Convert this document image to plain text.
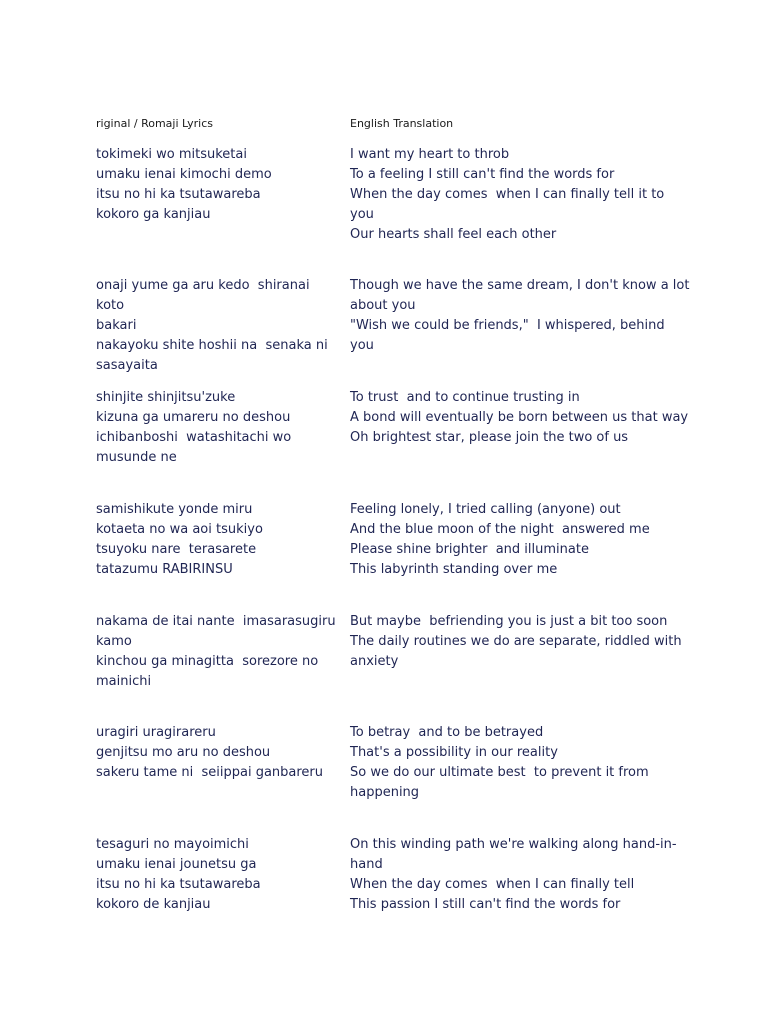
riginal / Romaji Lyrics	English Translation
tokimeki wo mitsuketai
umaku ienai kimochi demo
itsu no hi ka tsutawareba
kokoro ga kanjiau
I want my heart to throb
To a feeling I still can't find the words for
When the day comes  when I can finally tell it to
you
Our hearts shall feel each other
onaji yume ga aru kedo  shiranai koto
bakari
nakayoku shite hoshii na  senaka ni
sasayaita
Though we have the same dream, I don't know a lot
about you
"Wish we could be friends,"  I whispered, behind you
shinjite shinjitsu'zuke
kizuna ga umareru no deshou
ichibanboshi  watashitachi wo
musunde ne
To trust  and to continue trusting in
A bond will eventually be born between us that way
Oh brightest star, please join the two of us
samishikute yonde miru
kotaeta no wa aoi tsukiyo
tsuyoku nare  terasarete
tatazumu RABIRINSU
Feeling lonely, I tried calling (anyone) out
And the blue moon of the night  answered me
Please shine brighter  and illuminate
This labyrinth standing over me
nakama de itai nante  imasarasugiru
kamo
kinchou ga minagitta  sorezore no
mainichi
But maybe  befriending you is just a bit too soon
The daily routines we do are separate, riddled with
anxiety
uragiri uragirareru
genjitsu mo aru no deshou
sakeru tame ni  seiippai ganbareru
To betray  and to be betrayed
That's a possibility in our reality
So we do our ultimate best  to prevent it from
happening
tesaguri no mayoimichi
umaku ienai jounetsu ga
itsu no hi ka tsutawareba
kokoro de kanjiau
On this winding path we're walking along hand-in-
hand
When the day comes  when I can finally tell
This passion I still can't find the words for
